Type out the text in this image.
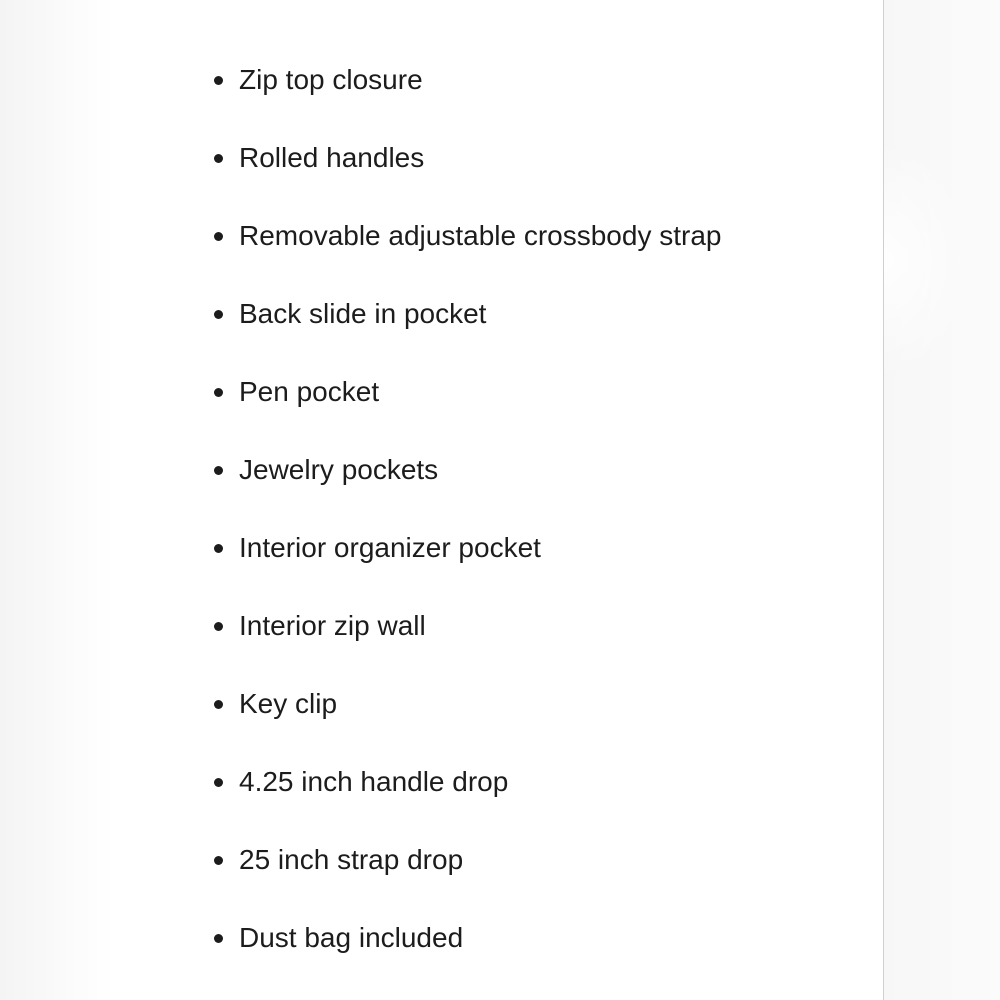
Zip top closure
Rolled handles
Removable adjustable crossbody strap
Back slide in pocket
Pen pocket
Jewelry pockets
Interior organizer pocket
Interior zip wall
Key clip
4.25 inch handle drop
25 inch strap drop
Dust bag included
